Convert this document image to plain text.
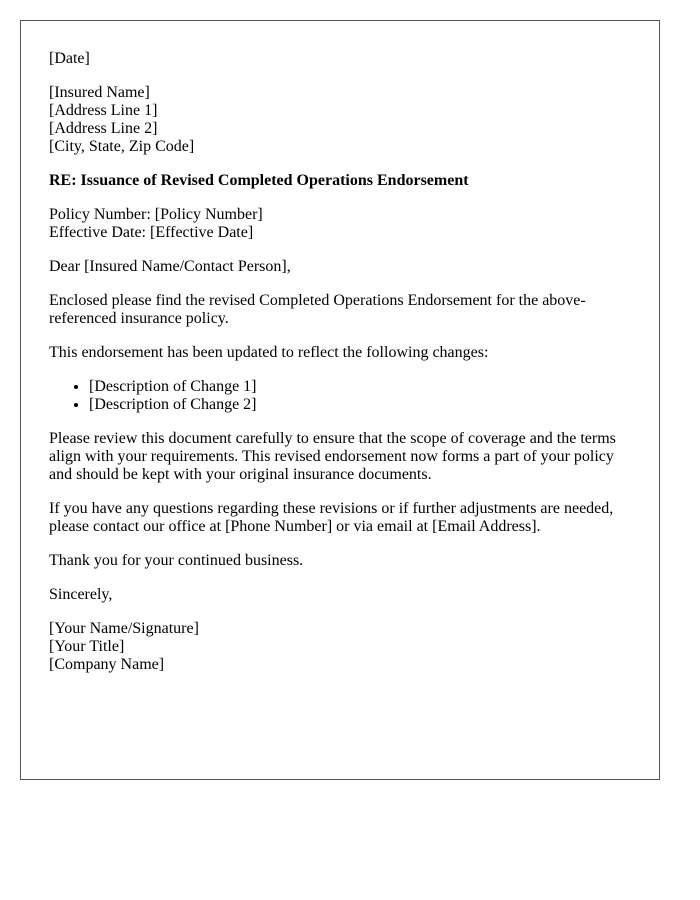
[Date]
[Insured Name]
[Address Line 1]
[Address Line 2]
[City, State, Zip Code]
RE: Issuance of Revised Completed Operations Endorsement
Policy Number: [Policy Number]
Effective Date: [Effective Date]
Dear [Insured Name/Contact Person],
Enclosed please find the revised Completed Operations Endorsement for the above-referenced insurance policy.
This endorsement has been updated to reflect the following changes:
• [Description of Change 1]
• [Description of Change 2]
Please review this document carefully to ensure that the scope of coverage and the terms align with your requirements. This revised endorsement now forms a part of your policy and should be kept with your original insurance documents.
If you have any questions regarding these revisions or if further adjustments are needed, please contact our office at [Phone Number] or via email at [Email Address].
Thank you for your continued business.
Sincerely,
[Your Name/Signature]
[Your Title]
[Company Name]
